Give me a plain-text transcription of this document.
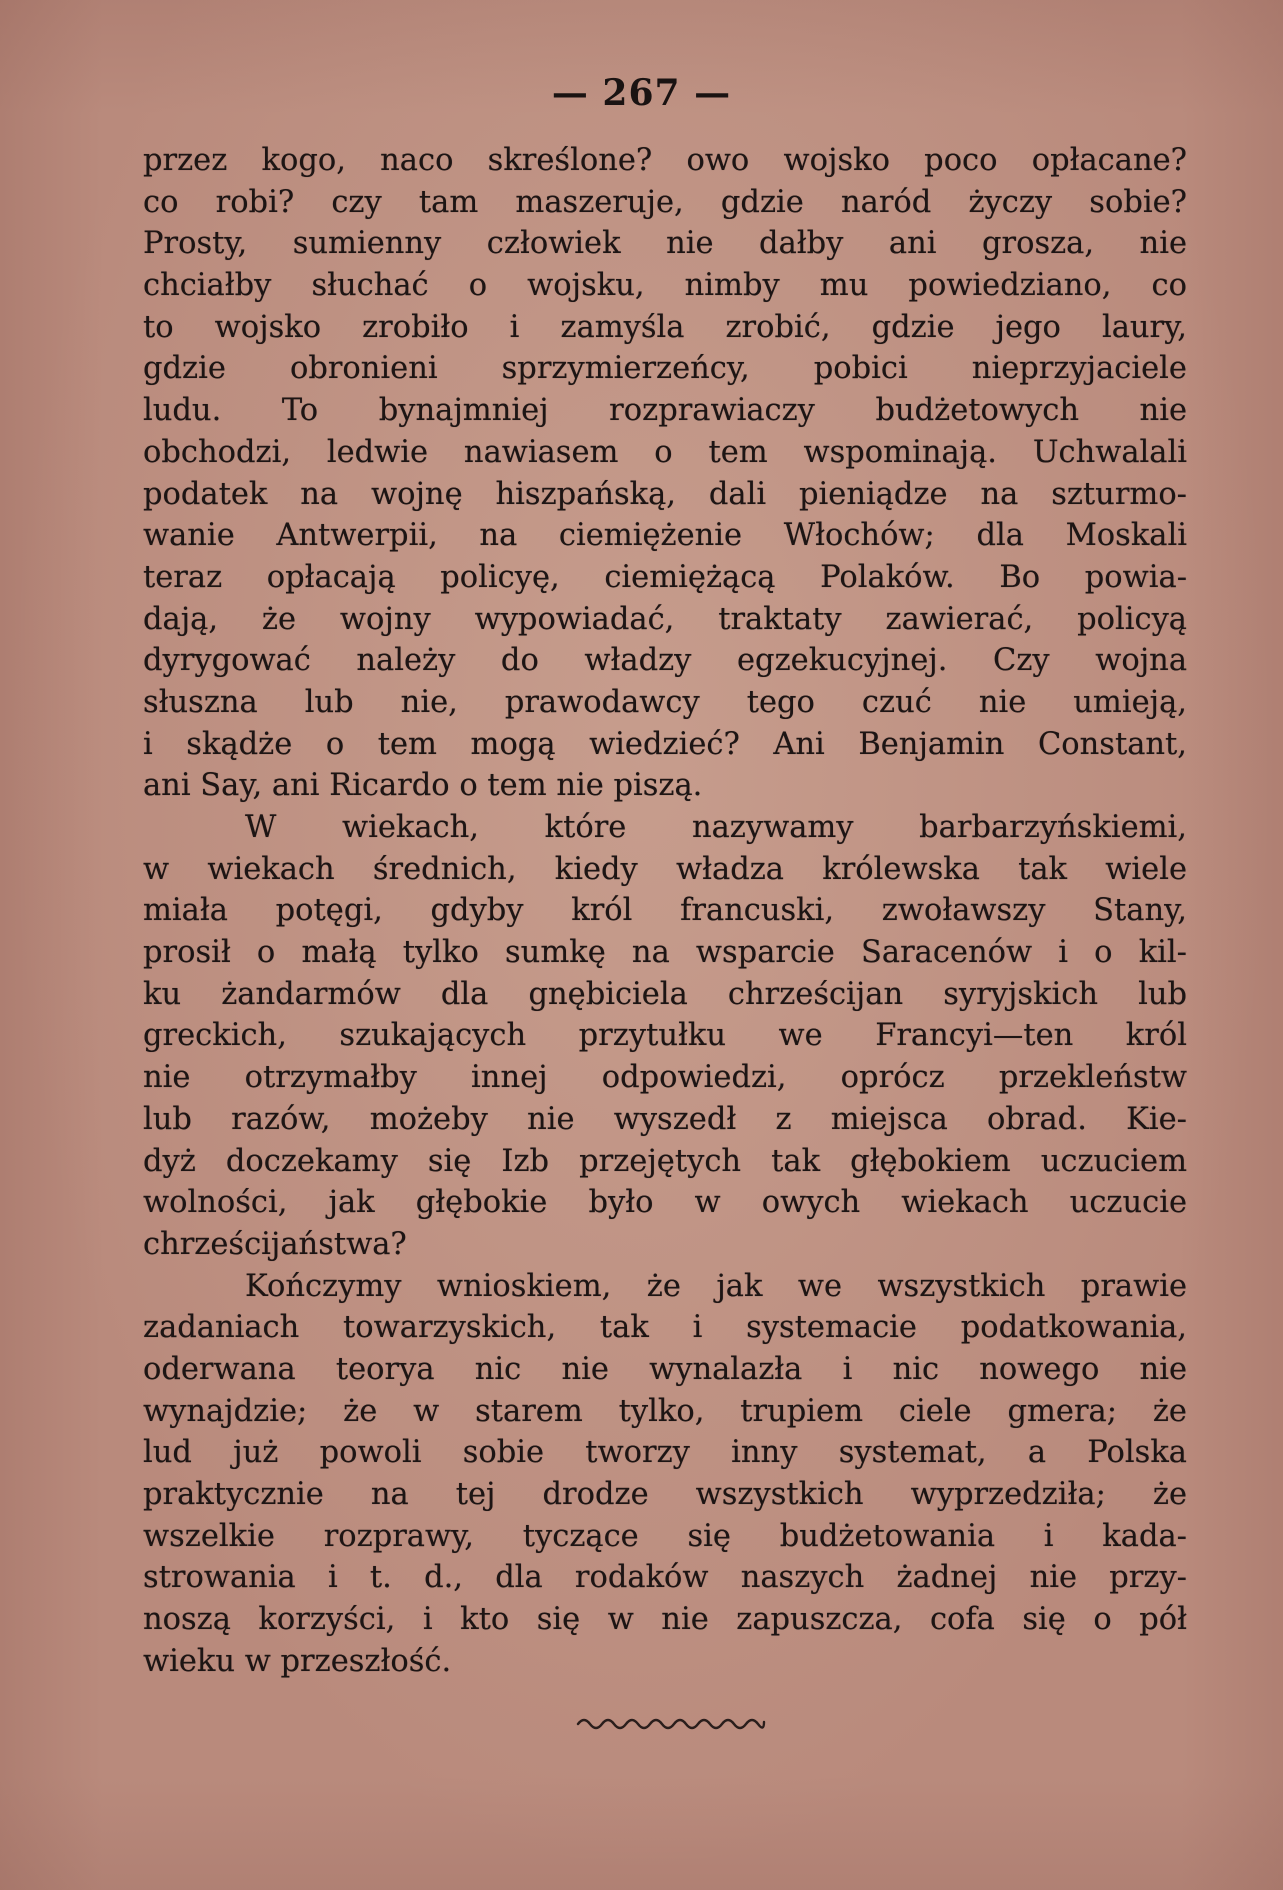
— 267 —
przez kogo, naco skreślone? owo wojsko poco opłacane?
co robi? czy tam maszeruje, gdzie naród życzy sobie?
Prosty, sumienny człowiek nie dałby ani grosza, nie
chciałby słuchać o wojsku, nimby mu powiedziano, co
to wojsko zrobiło i zamyśla zrobić, gdzie jego laury,
gdzie obronieni sprzymierzeńcy, pobici nieprzyjaciele
ludu. To bynajmniej rozprawiaczy budżetowych nie
obchodzi, ledwie nawiasem o tem wspominają. Uchwalali
podatek na wojnę hiszpańską, dali pieniądze na szturmo-
wanie Antwerpii, na ciemiężenie Włochów; dla Moskali
teraz opłacają policyę, ciemiężącą Polaków. Bo powia-
dają, że wojny wypowiadać, traktaty zawierać, policyą
dyrygować należy do władzy egzekucyjnej. Czy wojna
słuszna lub nie, prawodawcy tego czuć nie umieją,
i skądże o tem mogą wiedzieć? Ani Benjamin Constant,
ani Say, ani Ricardo o tem nie piszą.
W wiekach, które nazywamy barbarzyńskiemi,
w wiekach średnich, kiedy władza królewska tak wiele
miała potęgi, gdyby król francuski, zwoławszy Stany,
prosił o małą tylko sumkę na wsparcie Saracenów i o kil-
ku żandarmów dla gnębiciela chrześcijan syryjskich lub
greckich, szukających przytułku we Francyi—ten król
nie otrzymałby innej odpowiedzi, oprócz przekleństw
lub razów, możeby nie wyszedł z miejsca obrad. Kie-
dyż doczekamy się Izb przejętych tak głębokiem uczuciem
wolności, jak głębokie było w owych wiekach uczucie
chrześcijaństwa?
Kończymy wnioskiem, że jak we wszystkich prawie
zadaniach towarzyskich, tak i systemacie podatkowania,
oderwana teorya nic nie wynalazła i nic nowego nie
wynajdzie; że w starem tylko, trupiem ciele gmera; że
lud już powoli sobie tworzy inny systemat, a Polska
praktycznie na tej drodze wszystkich wyprzedziła; że
wszelkie rozprawy, tyczące się budżetowania i kada-
strowania i t. d., dla rodaków naszych żadnej nie przy-
noszą korzyści, i kto się w nie zapuszcza, cofa się o pół
wieku w przeszłość.
